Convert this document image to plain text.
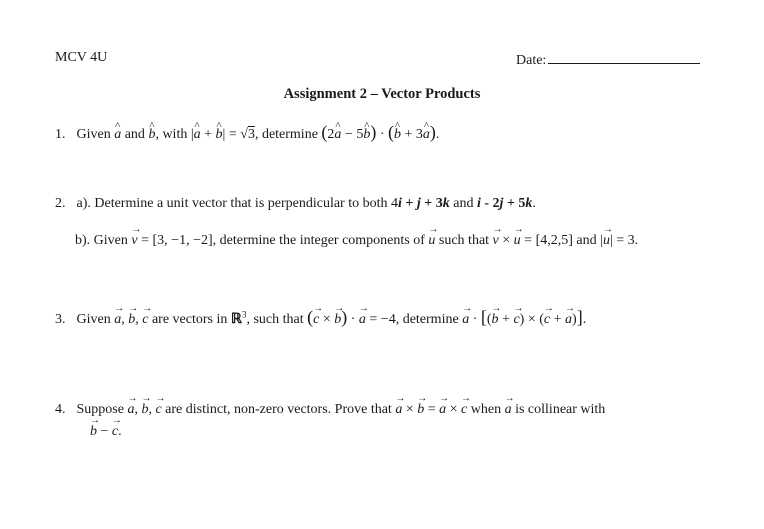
MCV 4U	Date:
Assignment 2 – Vector Products
1. Given a ^ and b ^, with |a ^ + b ^| = √3, determine (2a ^ − 5b ^) · (b ^ + 3a ^).
2. a). Determine a unit vector that is perpendicular to both 4i + j + 3k and i - 2j + 5k.
b). Given v → = [3, −1, −2], determine the integer components of u → such that v → × u → = [4,2,5] and |u →| = 3.
3. Given a →, b →, c → are vectors in ℝ$^3$, such that (c → × b →) · a → = −4, determine a → · [(b → + c →) × (c → + a →)].
4. Suppose a →, b →, c → are distinct, non-zero vectors. Prove that a → × b → = a → × c → when a → is collinear with
b → − c →.
